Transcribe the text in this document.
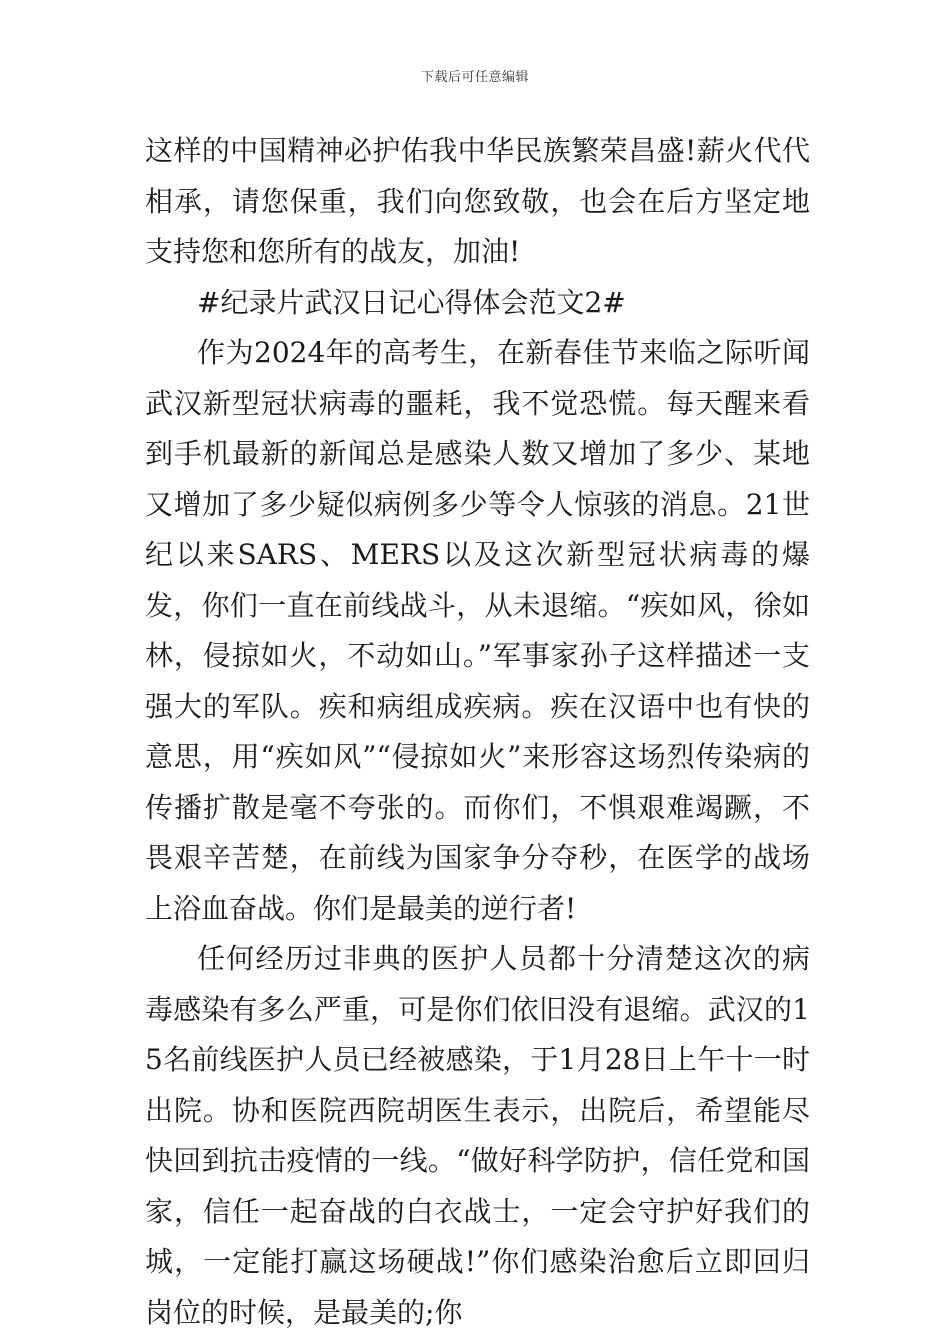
下载后可任意编辑

这样的中国精神必护佑我中华民族繁荣昌盛!薪火代代相承，请您保重，我们向您致敬，也会在后方坚定地支持您和您所有的战友，加油!

#纪录片武汉日记心得体会范文2#

作为2024年的高考生，在新春佳节来临之际听闻武汉新型冠状病毒的噩耗，我不觉恐慌。每天醒来看到手机最新的新闻总是感染人数又增加了多少、某地又增加了多少疑似病例多少等令人惊骇的消息。21世纪以来SARS、MERS以及这次新型冠状病毒的爆发，你们一直在前线战斗，从未退缩。“疾如风，徐如林，侵掠如火，不动如山。”军事家孙子这样描述一支强大的军队。疾和病组成疾病。疾在汉语中也有快的意思，用“疾如风”“侵掠如火”来形容这场烈传染病的传播扩散是毫不夸张的。而你们，不惧艰难竭蹶，不畏艰辛苦楚，在前线为国家争分夺秒，在医学的战场上浴血奋战。你们是最美的逆行者!

任何经历过非典的医护人员都十分清楚这次的病毒感染有多么严重，可是你们依旧没有退缩。武汉的15名前线医护人员已经被感染，于1月28日上午十一时出院。协和医院西院胡医生表示，出院后，希望能尽快回到抗击疫情的一线。“做好科学防护，信任党和国家，信任一起奋战的白衣战士，一定会守护好我们的城，一定能打赢这场硬战!”你们感染治愈后立即回归岗位的时候，是最美的;你
